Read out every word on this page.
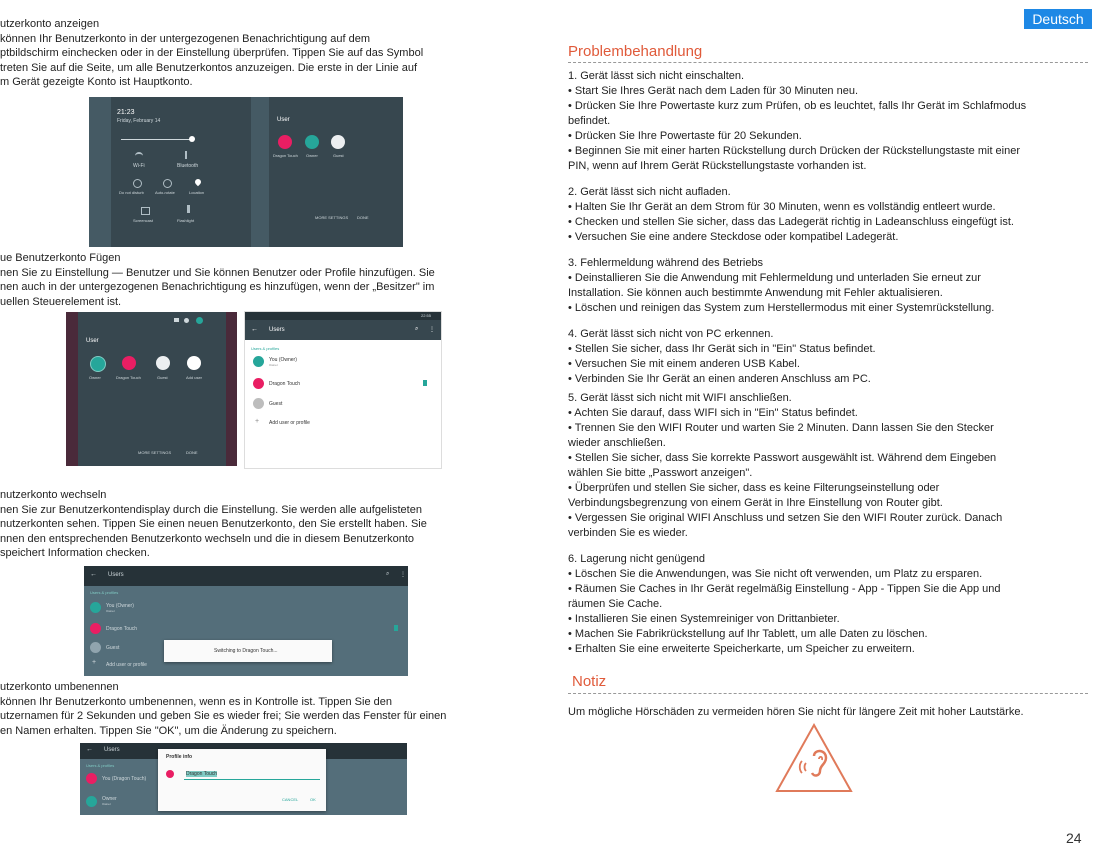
Deutsch

utzerkonto anzeigen

können Ihr Benutzerkonto in der untergezogenen Benachrichtigung auf dem

ptbildschirm einchecken oder in der Einstellung überprüfen. Tippen Sie auf das Symbol

treten Sie auf die Seite, um alle Benutzerkontos anzuzeigen. Die erste in der Linie auf

m Gerät gezeigte Konto ist Hauptkonto.

21:23
Friday, February 14
Wi-Fi	Bluetooth
Do not disturb	Auto-rotate	Location
Screencast	Flashlight
User
Dragon Touch Owner	Guest
MORE SETTINGS DONE

ue Benutzerkonto Fügen

nen Sie zu Einstellung — Benutzer und Sie können Benutzer oder Profile hinzufügen. Sie

nen auch in der untergezogenen Benachrichtigung es hinzufügen, wenn der „Besitzer" im

uellen Steuerelement ist.

User
Owner	Dragon Touch	Guest	Add user
MORE SETTINGS	DONE
22:55
← Users	⌕ ⋮
Users & profiles
You (Owner)
Owner
Dragon Touch
Guest
+ Add user or profile

nutzerkonto wechseln

nen Sie zur Benutzerkontendisplay durch die Einstellung. Sie werden alle aufgelisteten

nutzerkonten sehen. Tippen Sie einen neuen Benutzerkonto, den Sie erstellt haben. Sie

nnen den entsprechenden Benutzerkonto wechseln und die in diesem Benutzerkonto

speichert Information checken.

← Users	⌕ ⋮
Users & profiles
You (Owner)
Owner
Dragon Touch
Guest
+ Add user or profile
Switching to Dragon Touch...

utzerkonto umbenennen

können Ihr Benutzerkonto umbenennen, wenn es in Kontrolle ist. Tippen Sie den

utzernamen für 2 Sekunden und geben Sie es wieder frei; Sie werden das Fenster für einen

en Namen erhalten. Tippen Sie "OK", um die Änderung zu speichern.

← Users
Users & profiles
You (Dragon Touch)
Owner
Owner
Profile info
Dragon Touch
CANCEL	OK
Problembehandlung

1. Gerät lässt sich nicht einschalten.

• Start Sie Ihres Gerät nach dem Laden für 30 Minuten neu.

• Drücken Sie Ihre Powertaste kurz zum Prüfen, ob es leuchtet, falls Ihr Gerät im Schlafmodus

befindet.

• Drücken Sie Ihre Powertaste für 20 Sekunden.

• Beginnen Sie mit einer harten Rückstellung durch Drücken der Rückstellungstaste mit einer

PIN, wenn auf Ihrem Gerät Rückstellungstaste vorhanden ist.

2. Gerät lässt sich nicht aufladen.

• Halten Sie Ihr Gerät an dem Strom für 30 Minuten, wenn es vollständig entleert wurde.

• Checken und stellen Sie sicher, dass das Ladegerät richtig in Ladeanschluss eingefügt ist.

• Versuchen Sie eine andere Steckdose oder kompatibel Ladegerät.

3. Fehlermeldung während des Betriebs

• Deinstallieren Sie die Anwendung mit Fehlermeldung und unterladen Sie erneut zur

Installation. Sie können auch bestimmte Anwendung mit Fehler aktualisieren.

• Löschen und reinigen das System zum Herstellermodus mit einer Systemrückstellung.

4. Gerät lässt sich nicht von PC erkennen.

• Stellen Sie sicher, dass Ihr Gerät sich in "Ein" Status befindet.

• Versuchen Sie mit einem anderen USB Kabel.

• Verbinden Sie Ihr Gerät an einen anderen Anschluss am PC.

5. Gerät lässt sich nicht mit WIFI anschließen.

• Achten Sie darauf, dass WIFI sich in "Ein" Status befindet.

• Trennen Sie den WIFI Router und warten Sie 2 Minuten. Dann lassen Sie den Stecker

wieder anschließen.

• Stellen Sie sicher, dass Sie korrekte Passwort ausgewählt ist. Während dem Eingeben

wählen Sie bitte „Passwort anzeigen".

• Überprüfen und stellen Sie sicher, dass es keine Filterungseinstellung oder

Verbindungsbegrenzung von einem Gerät in Ihre Einstellung von Router gibt.

• Vergessen Sie original WIFI Anschluss und setzen Sie den WIFI Router zurück. Danach

verbinden Sie es wieder.

6. Lagerung nicht genügend

• Löschen Sie die Anwendungen, was Sie nicht oft verwenden, um Platz zu ersparen.

• Räumen Sie Caches in Ihr Gerät regelmäßig Einstellung - App - Tippen Sie die App und

räumen Sie Cache.

• Installieren Sie einen Systemreiniger von Drittanbieter.

• Machen Sie Fabrikrückstellung auf Ihr Tablett, um alle Daten zu löschen.

• Erhalten Sie eine erweiterte Speicherkarte, um Speicher zu erweitern.

Notiz
Um mögliche Hörschäden zu vermeiden hören Sie nicht für längere Zeit mit hoher Lautstärke.
24
